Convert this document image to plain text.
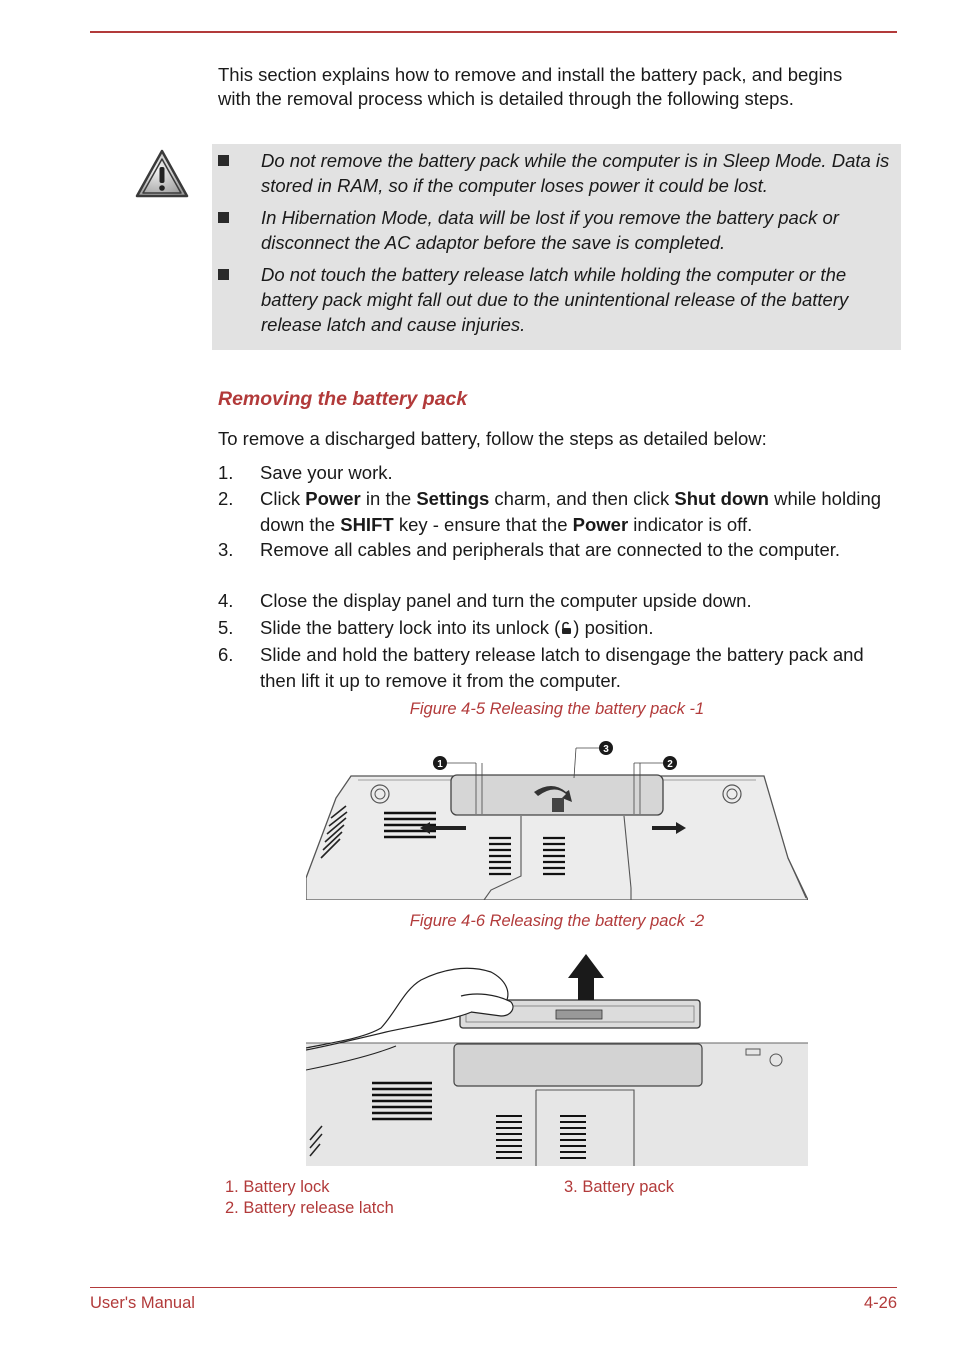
This section explains how to remove and install the battery pack, and begins with the removal process which is detailed through the following steps.

Do not remove the battery pack while the computer is in Sleep Mode. Data is stored in RAM, so if the computer loses power it could be lost.

In Hibernation Mode, data will be lost if you remove the battery pack or disconnect the AC adaptor before the save is completed.

Do not touch the battery release latch while holding the computer or the battery pack might fall out due to the unintentional release of the battery release latch and cause injuries.

Removing the battery pack

To remove a discharged battery, follow the steps as detailed below:

1. Save your work.
2. Click Power in the Settings charm, and then click Shut down while holding down the SHIFT key - ensure that the Power indicator is off.
3. Remove all cables and peripherals that are connected to the computer.
4. Close the display panel and turn the computer upside down.
5. Slide the battery lock into its unlock ( ) position.
6. Slide and hold the battery release latch to disengage the battery pack and then lift it up to remove it from the computer.

Figure 4-5 Releasing the battery pack -1

1	2
3

Figure 4-6 Releasing the battery pack -2

1. Battery lock

2. Battery release latch

3. Battery pack

User's Manual	4-26
